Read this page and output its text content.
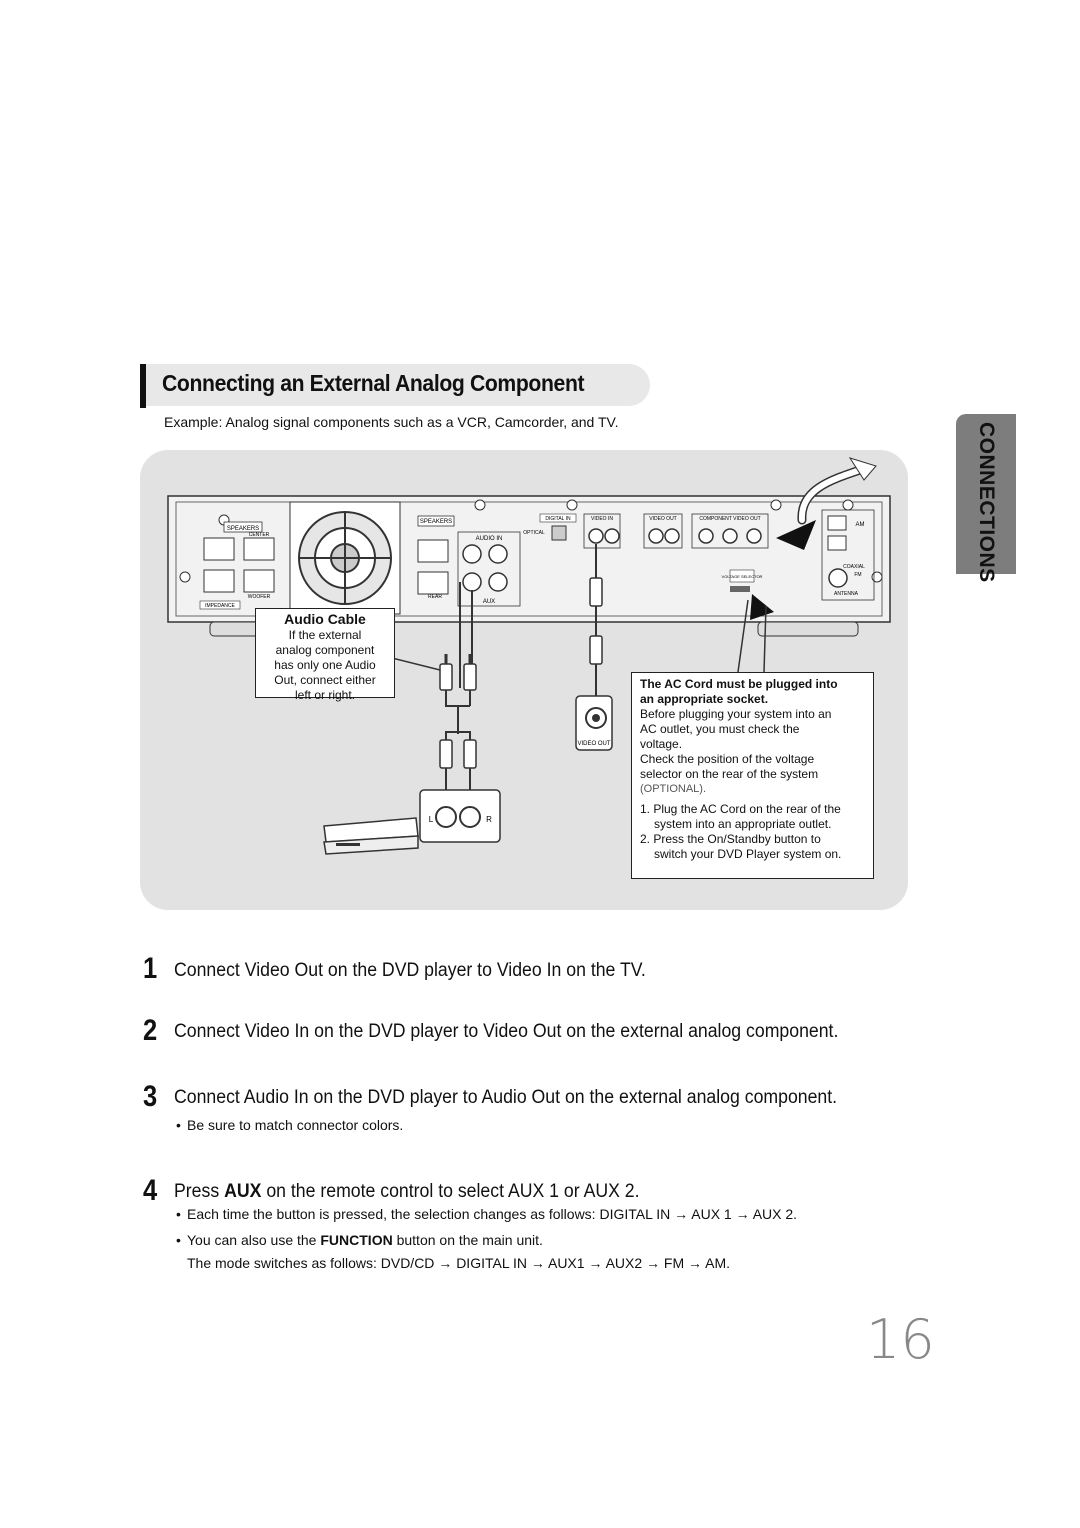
Connecting an External Analog Component
Example: Analog signal components such as a VCR, Camcorder, and TV.	CONNECTIONS
SPEAKERS
CENTER
WOOFER
IMPEDANCE
SPEAKERS
REAR
AUDIO IN
AUX
DIGITAL IN
OPTICAL
VIDEO IN	VIDEO OUT	COMPONENT VIDEO OUT
VOLTAGE SELECTOR
AM
COAXIAL
FM
ANTENNA
VIDEO OUT
L	R
Audio Cable
If the external
analog component
has only one Audio
Out, connect either
left or right.
The AC Cord must be plugged into
an appropriate socket.
Before plugging your system into an
AC outlet, you must check the
voltage.
Check the position of the voltage
selector on the rear of the system
(OPTIONAL).
1. Plug the AC Cord on the rear of the
system into an appropriate outlet.
2. Press the On/Standby button to
switch your DVD Player system on.
1 Connect Video Out on the DVD player to Video In on the TV.
2 Connect Video In on the DVD player to Video Out on the external analog component.
3 Connect Audio In on the DVD player to Audio Out on the external analog component.
• Be sure to match connector colors.
4 Press AUX on the remote control to select AUX 1 or AUX 2.
• Each time the button is pressed, the selection changes as follows: DIGITAL IN → AUX 1 → AUX 2.
• You can also use the FUNCTION button on the main unit.
The mode switches as follows: DVD/CD → DIGITAL IN → AUX1 → AUX2 → FM → AM.
16
